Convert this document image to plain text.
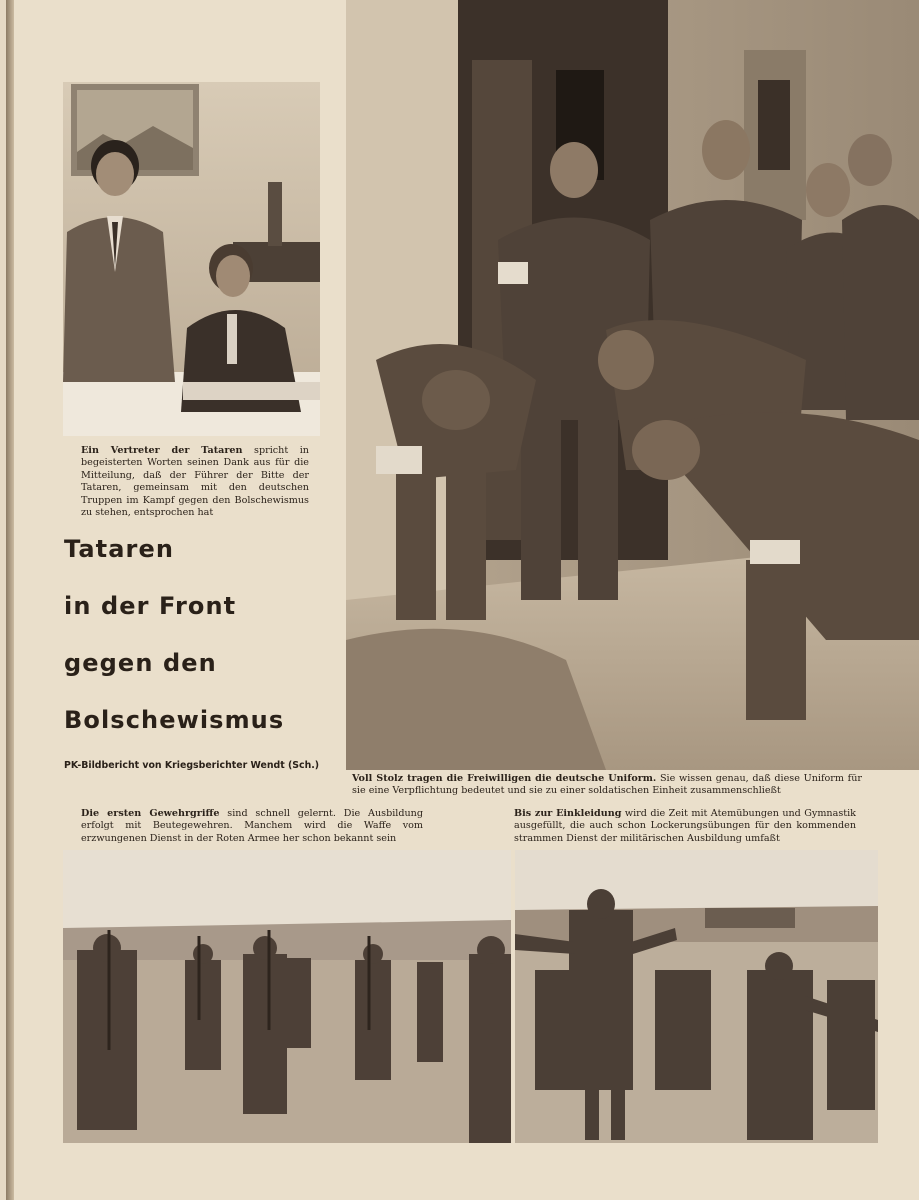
Ein Vertreter der Tataren spricht in begeisterten Worten seinen Dank aus für die Mitteilung, daß der Führer der Bitte der Tataren, gemeinsam mit den deutschen Truppen im Kampf gegen den Bolschewismus zu stehen, entsprochen hat
Tataren
in der Front
gegen den
Bolschewismus
PK-Bildbericht von Kriegsberichter Wendt (Sch.)
Voll Stolz tragen die Freiwilligen die deutsche Uniform. Sie wissen genau, daß diese Uniform für sie eine Verpflichtung bedeutet und sie zu einer soldatischen Einheit zusammenschließt
Die ersten Gewehrgriffe sind schnell gelernt. Die Ausbildung erfolgt mit Beutegewehren. Manchem wird die Waffe vom erzwungenen Dienst in der Roten Armee her schon bekannt sein
Bis zur Einkleidung wird die Zeit mit Atemübungen und Gymnastik ausgefüllt, die auch schon Lockerungsübungen für den kommenden strammen Dienst der militärischen Ausbildung umfaßt
